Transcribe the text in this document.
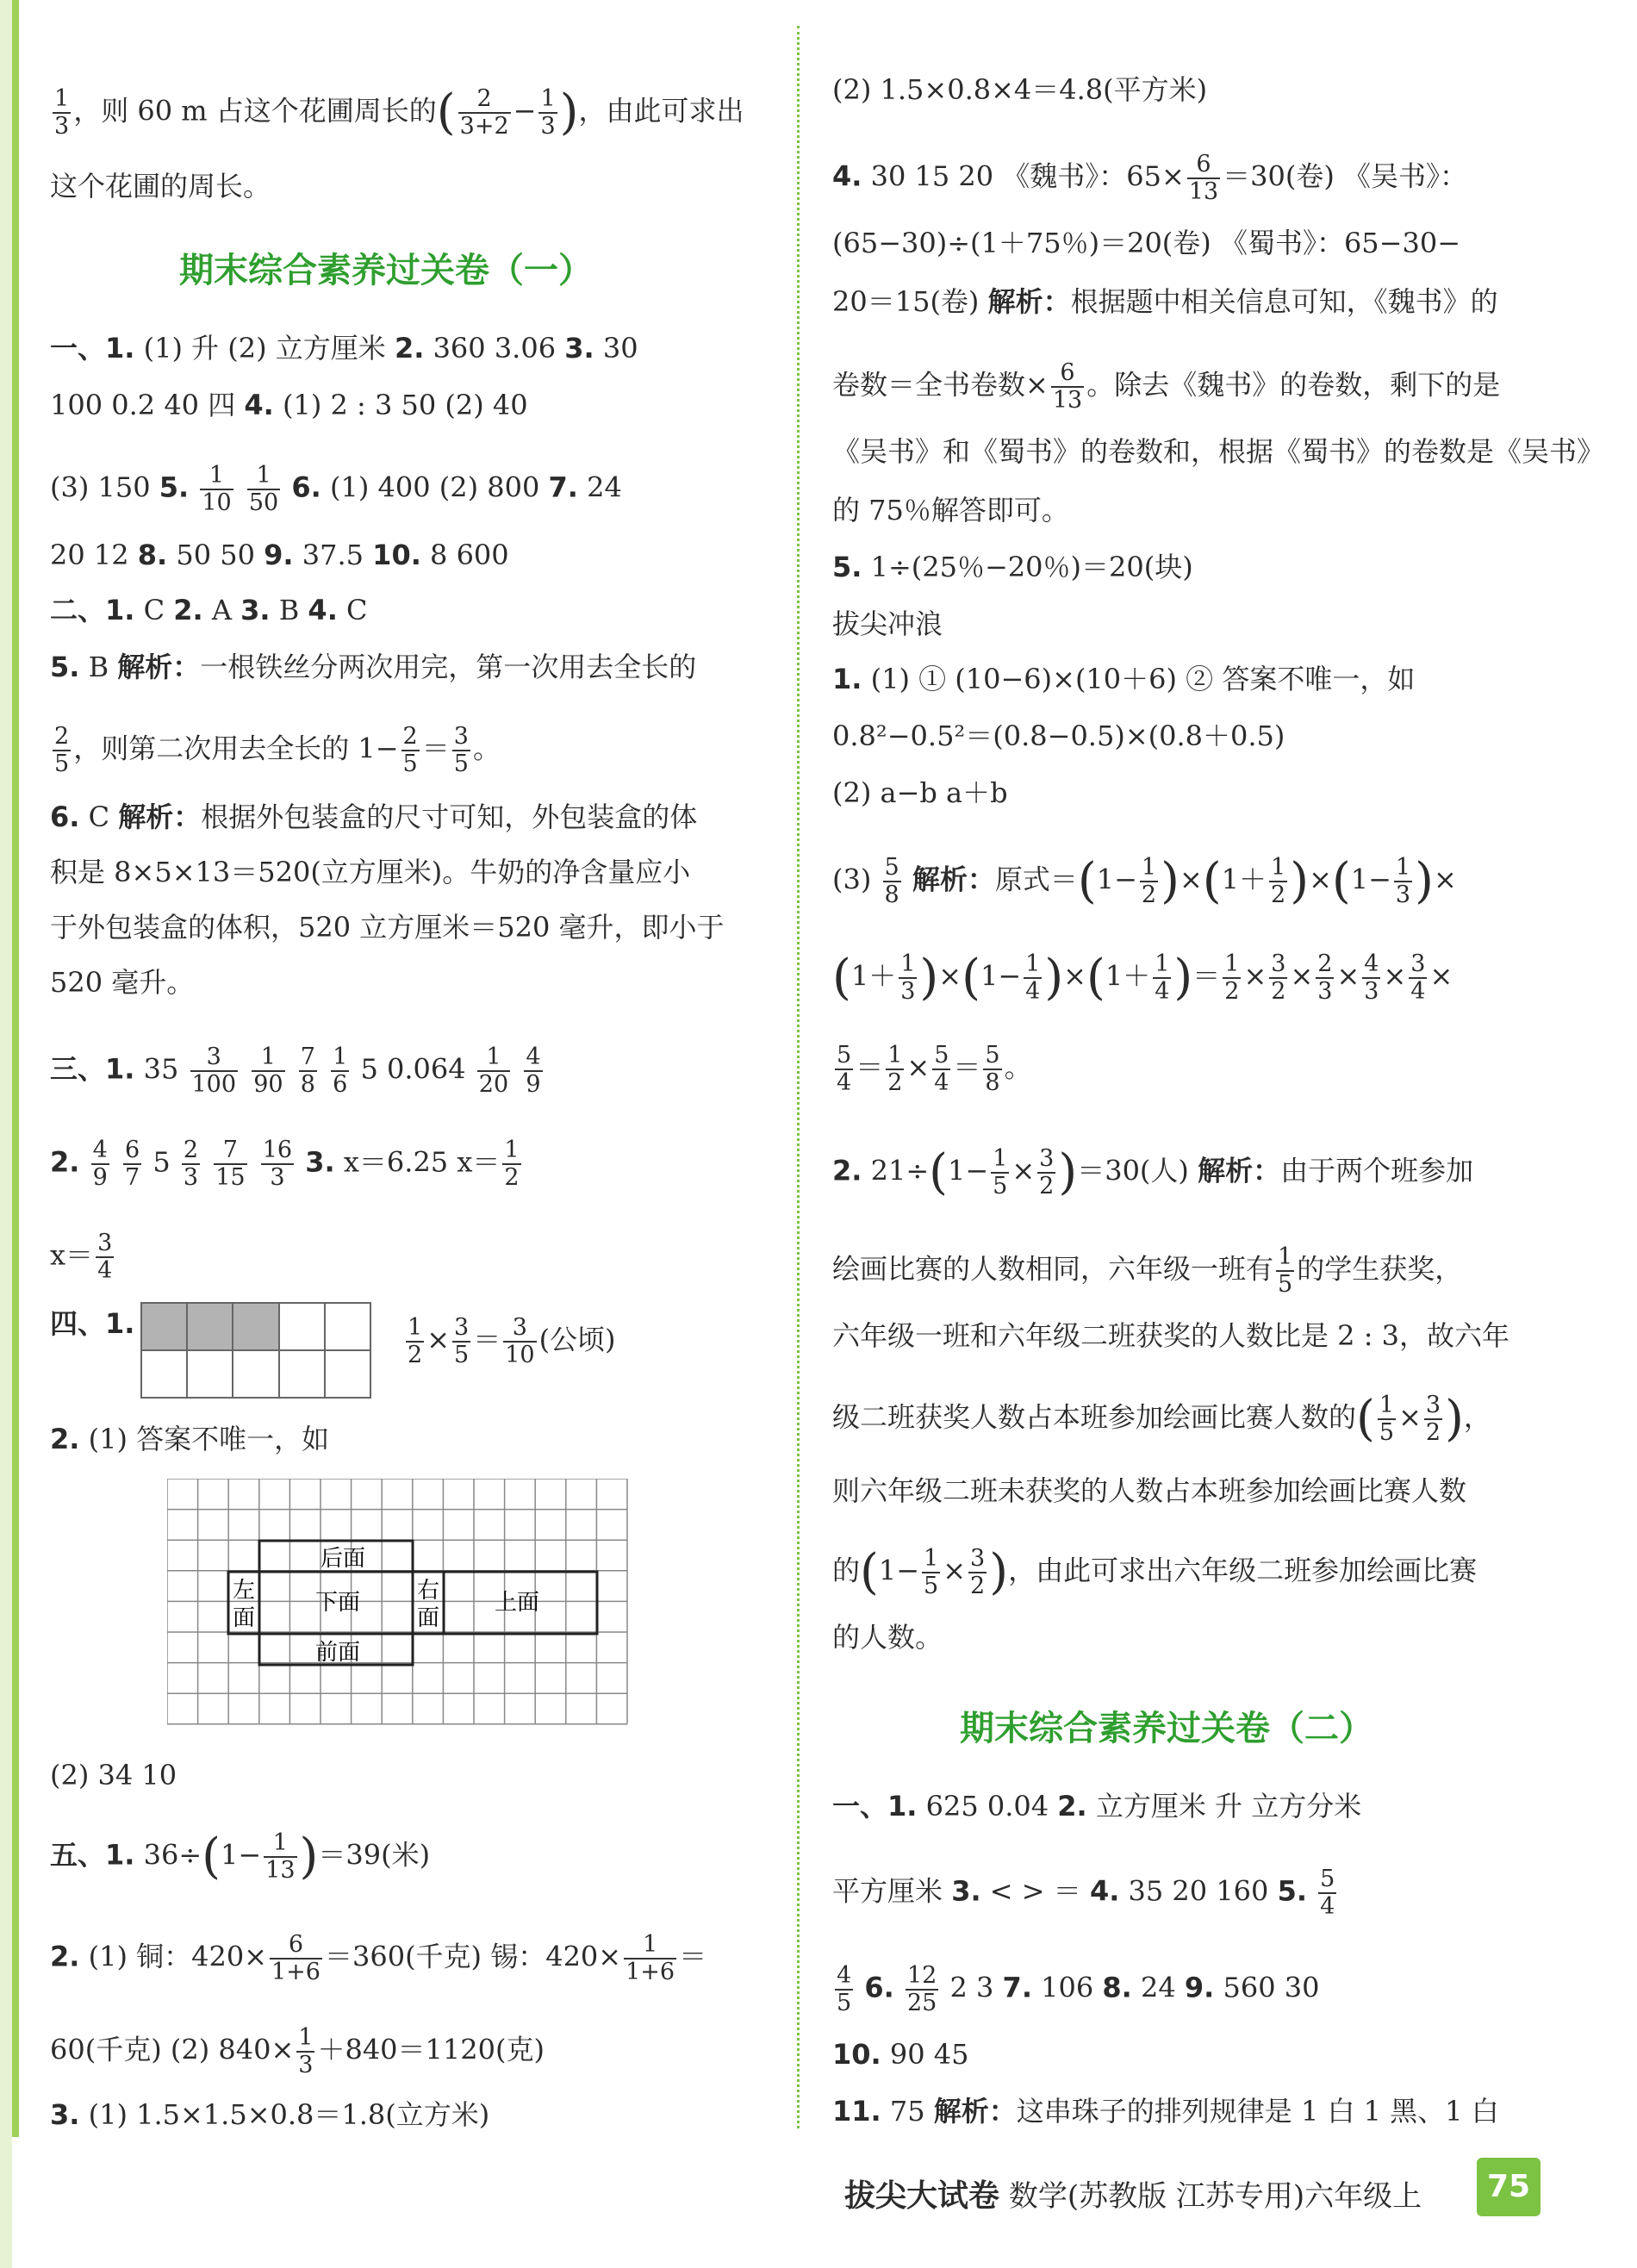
$\frac{1}{3}$ ，则 60 m 占这个花圃周长的( $\frac{2}{3+2} - \frac{1}{3}$ )，由此可求出
这个花圃的周长。
期末综合素养过关卷（一）
一、1. (1) 升 (2) 立方厘米 2. 360 3.06 3. 30
100 0.2 40 四 4. (1) 2 : 3 50 (2) 40
(3) 150 5. $\frac{1}{10}$
$\frac{1}{50} 6$. (1) 400 (2) 800 7. 24
20 12 8. 50 50 9. 37.5 10. 8 600
二、1. C 2. A 3. B 4. C
5. B 解析：一根铁丝分两次用完，第一次用去全长的
$\frac{2}{5}$ ，则第二次用去全长的 $1- \frac{2}{5} = \frac{3}{5}$ 。
6. C 解析：根据外包装盒的尺寸可知，外包装盒的体
积是 8×5×13＝520(立方厘米)。牛奶的净含量应小
于外包装盒的体积，520 立方厘米＝520 毫升，即小于
520 毫升。
三、1. $35 \frac{3}{100}$
$\frac{1}{90}$
$\frac{7}{8}$
$\frac{1}{6} 5$ $0.064 \frac{1}{20}$
$\frac{4}{9}$
2. $\frac{4}{9}$
$\frac{6}{7} 5 \frac{2}{3}$
$\frac{7}{15}$
$\frac{16}{3} 3$. x＝6.25 $x= \frac{1}{2}$
$x= \frac{3}{4}$
四、1.	$\frac{1}{2} \times \frac{3}{5} = \frac{3}{10}$ (公顷)
2. (1) 答案不唯一，如
后面
下面
前面
左
面
右
面
上面
(2) 34 10
五、1. $36\div(1- \frac{1}{13} )=39$(米)
2. (1) 铜：$420\times \frac{6}{1+6} =360$(千克) 锡：$420\times \frac{1}{1+6}$ ＝
60(千克) (2) $840\times \frac{1}{3} +840=1120$(克)
3. (1) 1.5×1.5×0.8＝1.8(立方米)
(2) 1.5×0.8×4＝4.8(平方米)
4. 30 15 20 《魏书》：$65\times \frac{6}{13} =30$(卷) 《吴书》：
(65−30)÷(1＋75％)＝20(卷) 《蜀书》：65−30−
20＝15(卷) 解析：根据题中相关信息可知，《魏书》的
卷数＝全书卷数× $\frac{6}{13}$ 。除去《魏书》的卷数，剩下的是
《吴书》和《蜀书》的卷数和，根据《蜀书》的卷数是《吴书》
的 75％解答即可。
5. 1÷(25％−20％)＝20(块)
拔尖冲浪
1. (1) ① (10−6)×(10＋6) ② 答案不唯一，如
0.8²−0.5²＝(0.8−0.5)×(0.8＋0.5)
(2) a−b a＋b
$(3) \frac{5}{8}$ 解析：原式$=(1- \frac{1}{2} )\times(1+ \frac{1}{2} )\times(1- \frac{1}{3}$ )×
$(1+ \frac{1}{3} )\times(1- \frac{1}{4} )\times(1+ \frac{1}{4}$ )＝ $\frac{1}{2} \times \frac{3}{2} \times \frac{2}{3} \times \frac{4}{3} \times \frac{3}{4}$ ×
$\frac{5}{4} = \frac{1}{2} \times \frac{5}{4} = \frac{5}{8}$ 。
2. $21\div(1- \frac{1}{5} \times \frac{3}{2} )=30$(人) 解析：由于两个班参加
绘画比赛的人数相同，六年级一班有 $\frac{1}{5}$ 的学生获奖，
六年级一班和六年级二班获奖的人数比是 2 : 3，故六年
级二班获奖人数占本班参加绘画比赛人数的( $\frac{1}{5} \times \frac{3}{2}$ )，
则六年级二班未获奖的人数占本班参加绘画比赛人数
的($1- \frac{1}{5} \times \frac{3}{2}$ )，由此可求出六年级二班参加绘画比赛
的人数。
期末综合素养过关卷（二）
一、1. 625 0.04 2. 立方厘米 升 立方分米
平方厘米 3. < > ＝ 4. 35 20 160 5. $\frac{5}{4}$
$\frac{4}{5} 6$. $\frac{12}{25} 2$ 3 7. 106 8. 24 9. 560 30
10. 90 45
11. 75 解析：这串珠子的排列规律是 1 白 1 黑、1 白
拔尖大试卷 数学(苏教版 江苏专用)六年级上	75
